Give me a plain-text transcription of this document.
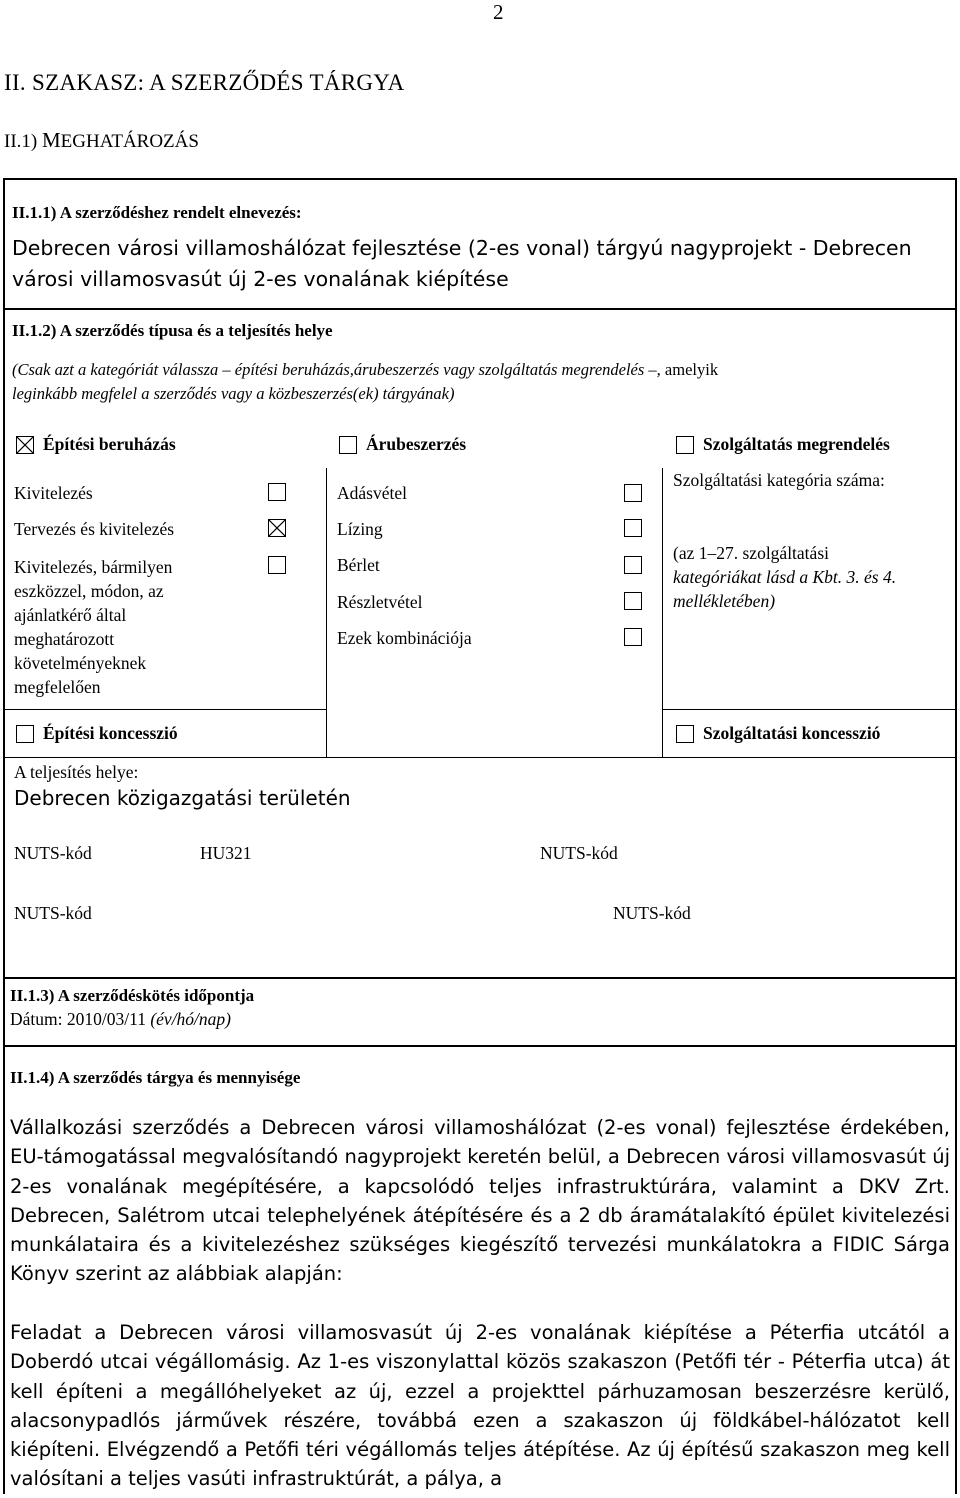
2
II. SZAKASZ: A SZERZŐDÉS TÁRGYA
II.1) MEGHATÁROZÁS
II.1.1) A szerződéshez rendelt elnevezés:
Debrecen városi villamoshálózat fejlesztése (2-es vonal) tárgyú nagyprojekt - Debrecen
városi villamosvasút új 2-es vonalának kiépítése
II.1.2) A szerződés típusa és a teljesítés helye
(Csak azt a kategóriát válassza – építési beruházás,árubeszerzés vagy szolgáltatás megrendelés –, amelyik
leginkább megfelel a szerződés vagy a közbeszerzés(ek) tárgyának)
Építési beruházás	Árubeszerzés	Szolgáltatás megrendelés
Kivitelezés
Tervezés és kivitelezés
Kivitelezés, bármilyen
eszközzel, módon, az
ajánlatkérő által
meghatározott
követelményeknek
megfelelően
Adásvétel
Lízing
Bérlet
Részletvétel
Ezek kombinációja
Szolgáltatási kategória száma:
(az 1–27. szolgáltatási
kategóriákat lásd a Kbt. 3. és 4.
mellékletében)
Építési koncesszió	Szolgáltatási koncesszió
A teljesítés helye:
Debrecen közigazgatási területén
NUTS-kód	HU321	NUTS-kód
NUTS-kód	NUTS-kód
II.1.3) A szerződéskötés időpontja
Dátum: 2010/03/11 (év/hó/nap)
II.1.4) A szerződés tárgya és mennyisége
Vállalkozási szerződés a Debrecen városi villamoshálózat (2-es vonal) fejlesztése érdekében, EU-támogatással megvalósítandó nagyprojekt keretén belül, a Debrecen városi villamosvasút új 2-es vonalának megépítésére, a kapcsolódó teljes infrastruktúrára, valamint a DKV Zrt. Debrecen, Salétrom utcai telephelyének átépítésére és a 2 db áramátalakító épület kivitelezési munkálataira és a kivitelezéshez szükséges kiegészítő tervezési munkálatokra a FIDIC Sárga Könyv szerint az alábbiak alapján:
Feladat a Debrecen városi villamosvasút új 2-es vonalának kiépítése a Péterfia utcától a Doberdó utcai végállomásig. Az 1-es viszonylattal közös szakaszon (Petőfi tér - Péterfia utca) át kell építeni a megállóhelyeket az új, ezzel a projekttel párhuzamosan beszerzésre kerülő, alacsonypadlós járművek részére, továbbá ezen a szakaszon új földkábel-hálózatot kell kiépíteni. Elvégzendő a Petőfi téri végállomás teljes átépítése. Az új építésű szakaszon meg kell valósítani a teljes vasúti infrastruktúrát, a pálya, a
